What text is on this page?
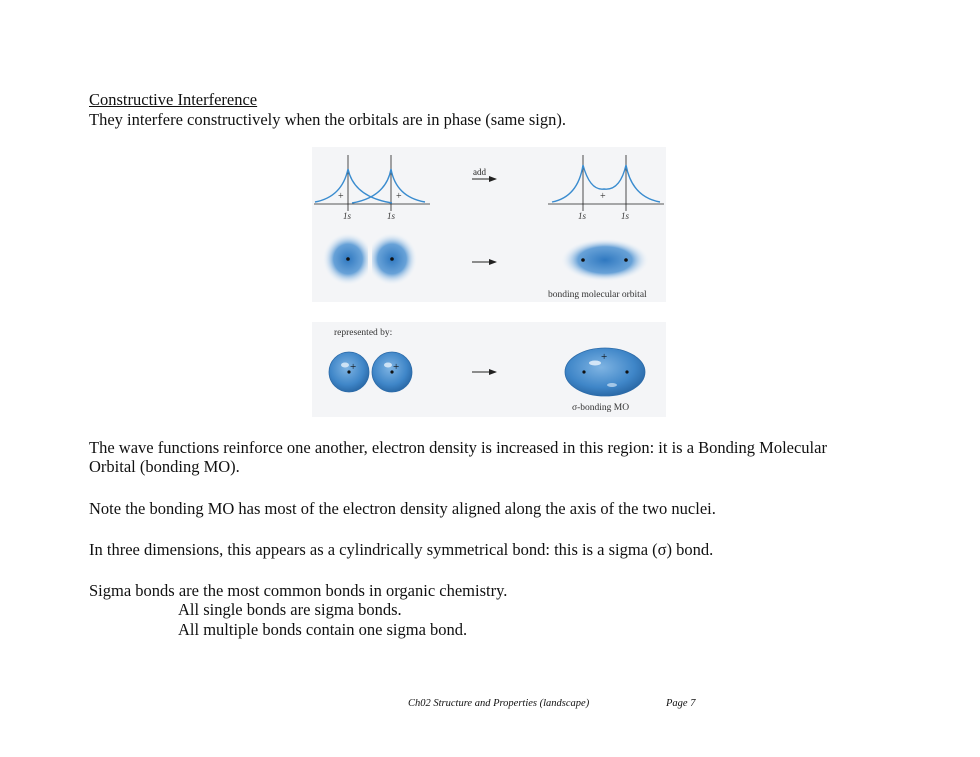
Constructive Interference
They interfere constructively when the orbitals are in phase (same sign).
+	+
1s	1s
add
+
1s	1s
bonding molecular orbital
represented by:
+	+
+
σ-bonding MO
The wave functions reinforce one another, electron density is increased in this region: it is a Bonding Molecular
Orbital (bonding MO).
Note the bonding MO has most of the electron density aligned along the axis of the two nuclei.
In three dimensions, this appears as a cylindrically symmetrical bond: this is a sigma (σ) bond.
Sigma bonds are the most common bonds in organic chemistry.
All single bonds are sigma bonds.
All multiple bonds contain one sigma bond.
Ch02 Structure and Properties (landscape)	Page 7
